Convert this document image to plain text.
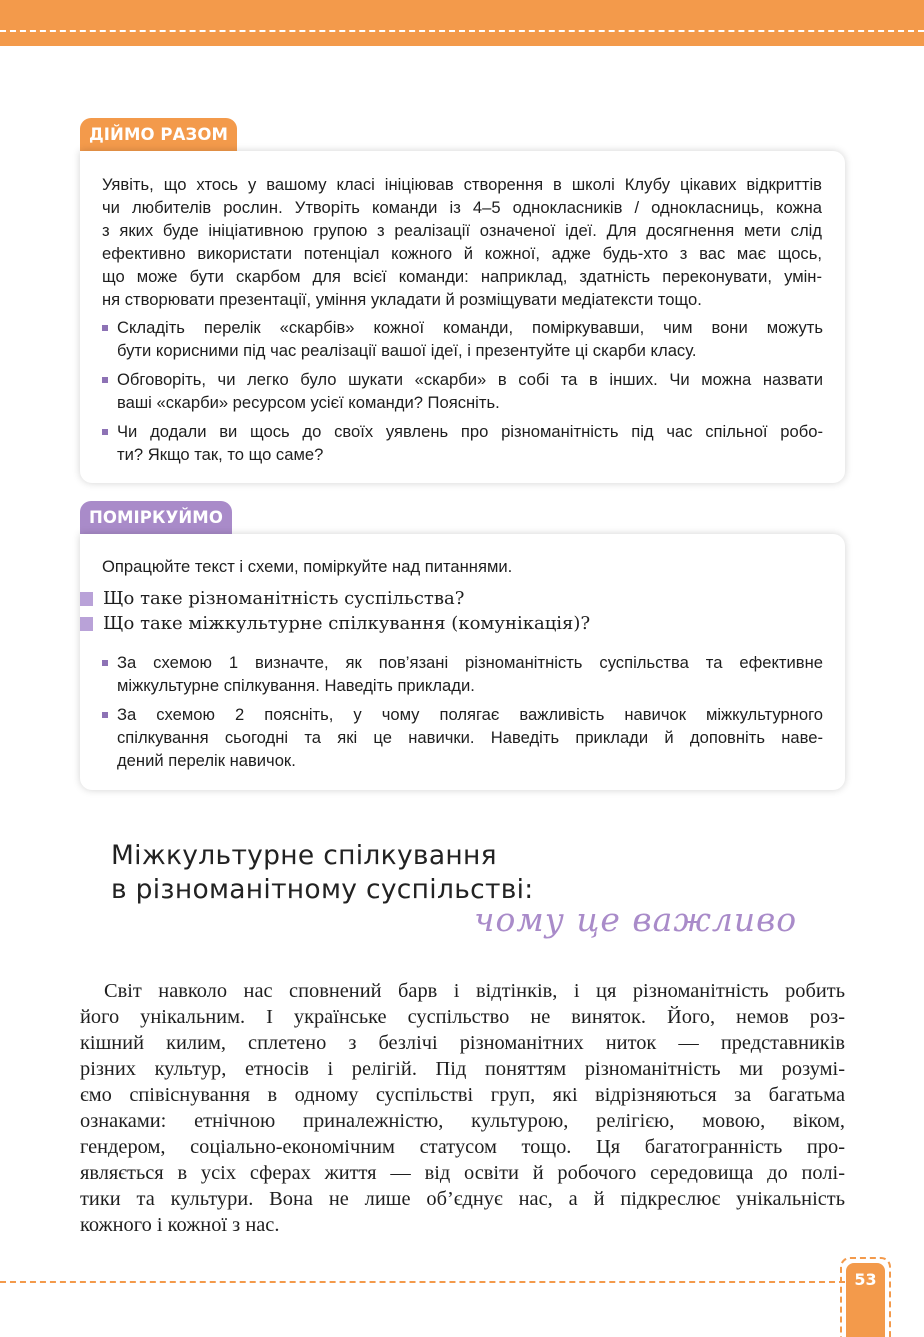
ДІЙМО РАЗОМ
Уявіть, що хтось у вашому класі ініціював створення в школі Клубу цікавих відкриттів
чи любителів рослин. Утворіть команди із 4–5 однокласників / однокласниць, кожна
з яких буде ініціативною групою з реалізації означеної ідеї. Для досягнення мети слід
ефективно використати потенціал кожного й кожної, адже будь-хто з вас має щось,
що може бути скарбом для всієї команди: наприклад, здатність переконувати, умін-
ня створювати презентації, уміння укладати й розміщувати медіатексти тощо.
Складіть перелік «скарбів» кожної команди, поміркувавши, чим вони можуть
бути корисними під час реалізації вашої ідеї, і презентуйте ці скарби класу.
Обговоріть, чи легко було шукати «скарби» в собі та в інших. Чи можна назвати
ваші «скарби» ресурсом усієї команди? Поясніть.
Чи додали ви щось до своїх уявлень про різноманітність під час спільної робо-
ти? Якщо так, то що саме?
ПОМІРКУЙМО
Опрацюйте текст і схеми, поміркуйте над питаннями.
За схемою 1 визначте, як пов’язані різноманітність суспільства та ефективне
міжкультурне спілкування. Наведіть приклади.
За схемою 2 поясніть, у чому полягає важливість навичок міжкультурного
спілкування сьогодні та які це навички. Наведіть приклади й доповніть наве-
дений перелік навичок.
Що таке різноманітність суспільства?
Що таке міжкультурне спілкування (комунікація)?
Міжкультурне спілкування
в різноманітному суспільстві:
чому це важливо
Світ навколо нас сповнений барв і відтінків, і ця різноманітність робить
його унікальним. І українське суспільство не виняток. Його, немов роз-
кішний килим, сплетено з безлічі різноманітних ниток — представників
різних культур, етносів і релігій. Під поняттям різноманітність ми розумі-
ємо співіснування в одному суспільстві груп, які відрізняються за багатьма
ознаками: етнічною приналежністю, культурою, релігією, мовою, віком,
гендером, соціально-економічним статусом тощо. Ця багатогранність про-
являється в усіх сферах життя — від освіти й робочого середовища до полі-
тики та культури. Вона не лише об’єднує нас, а й підкреслює унікальність
кожного і кожної з нас.
53
